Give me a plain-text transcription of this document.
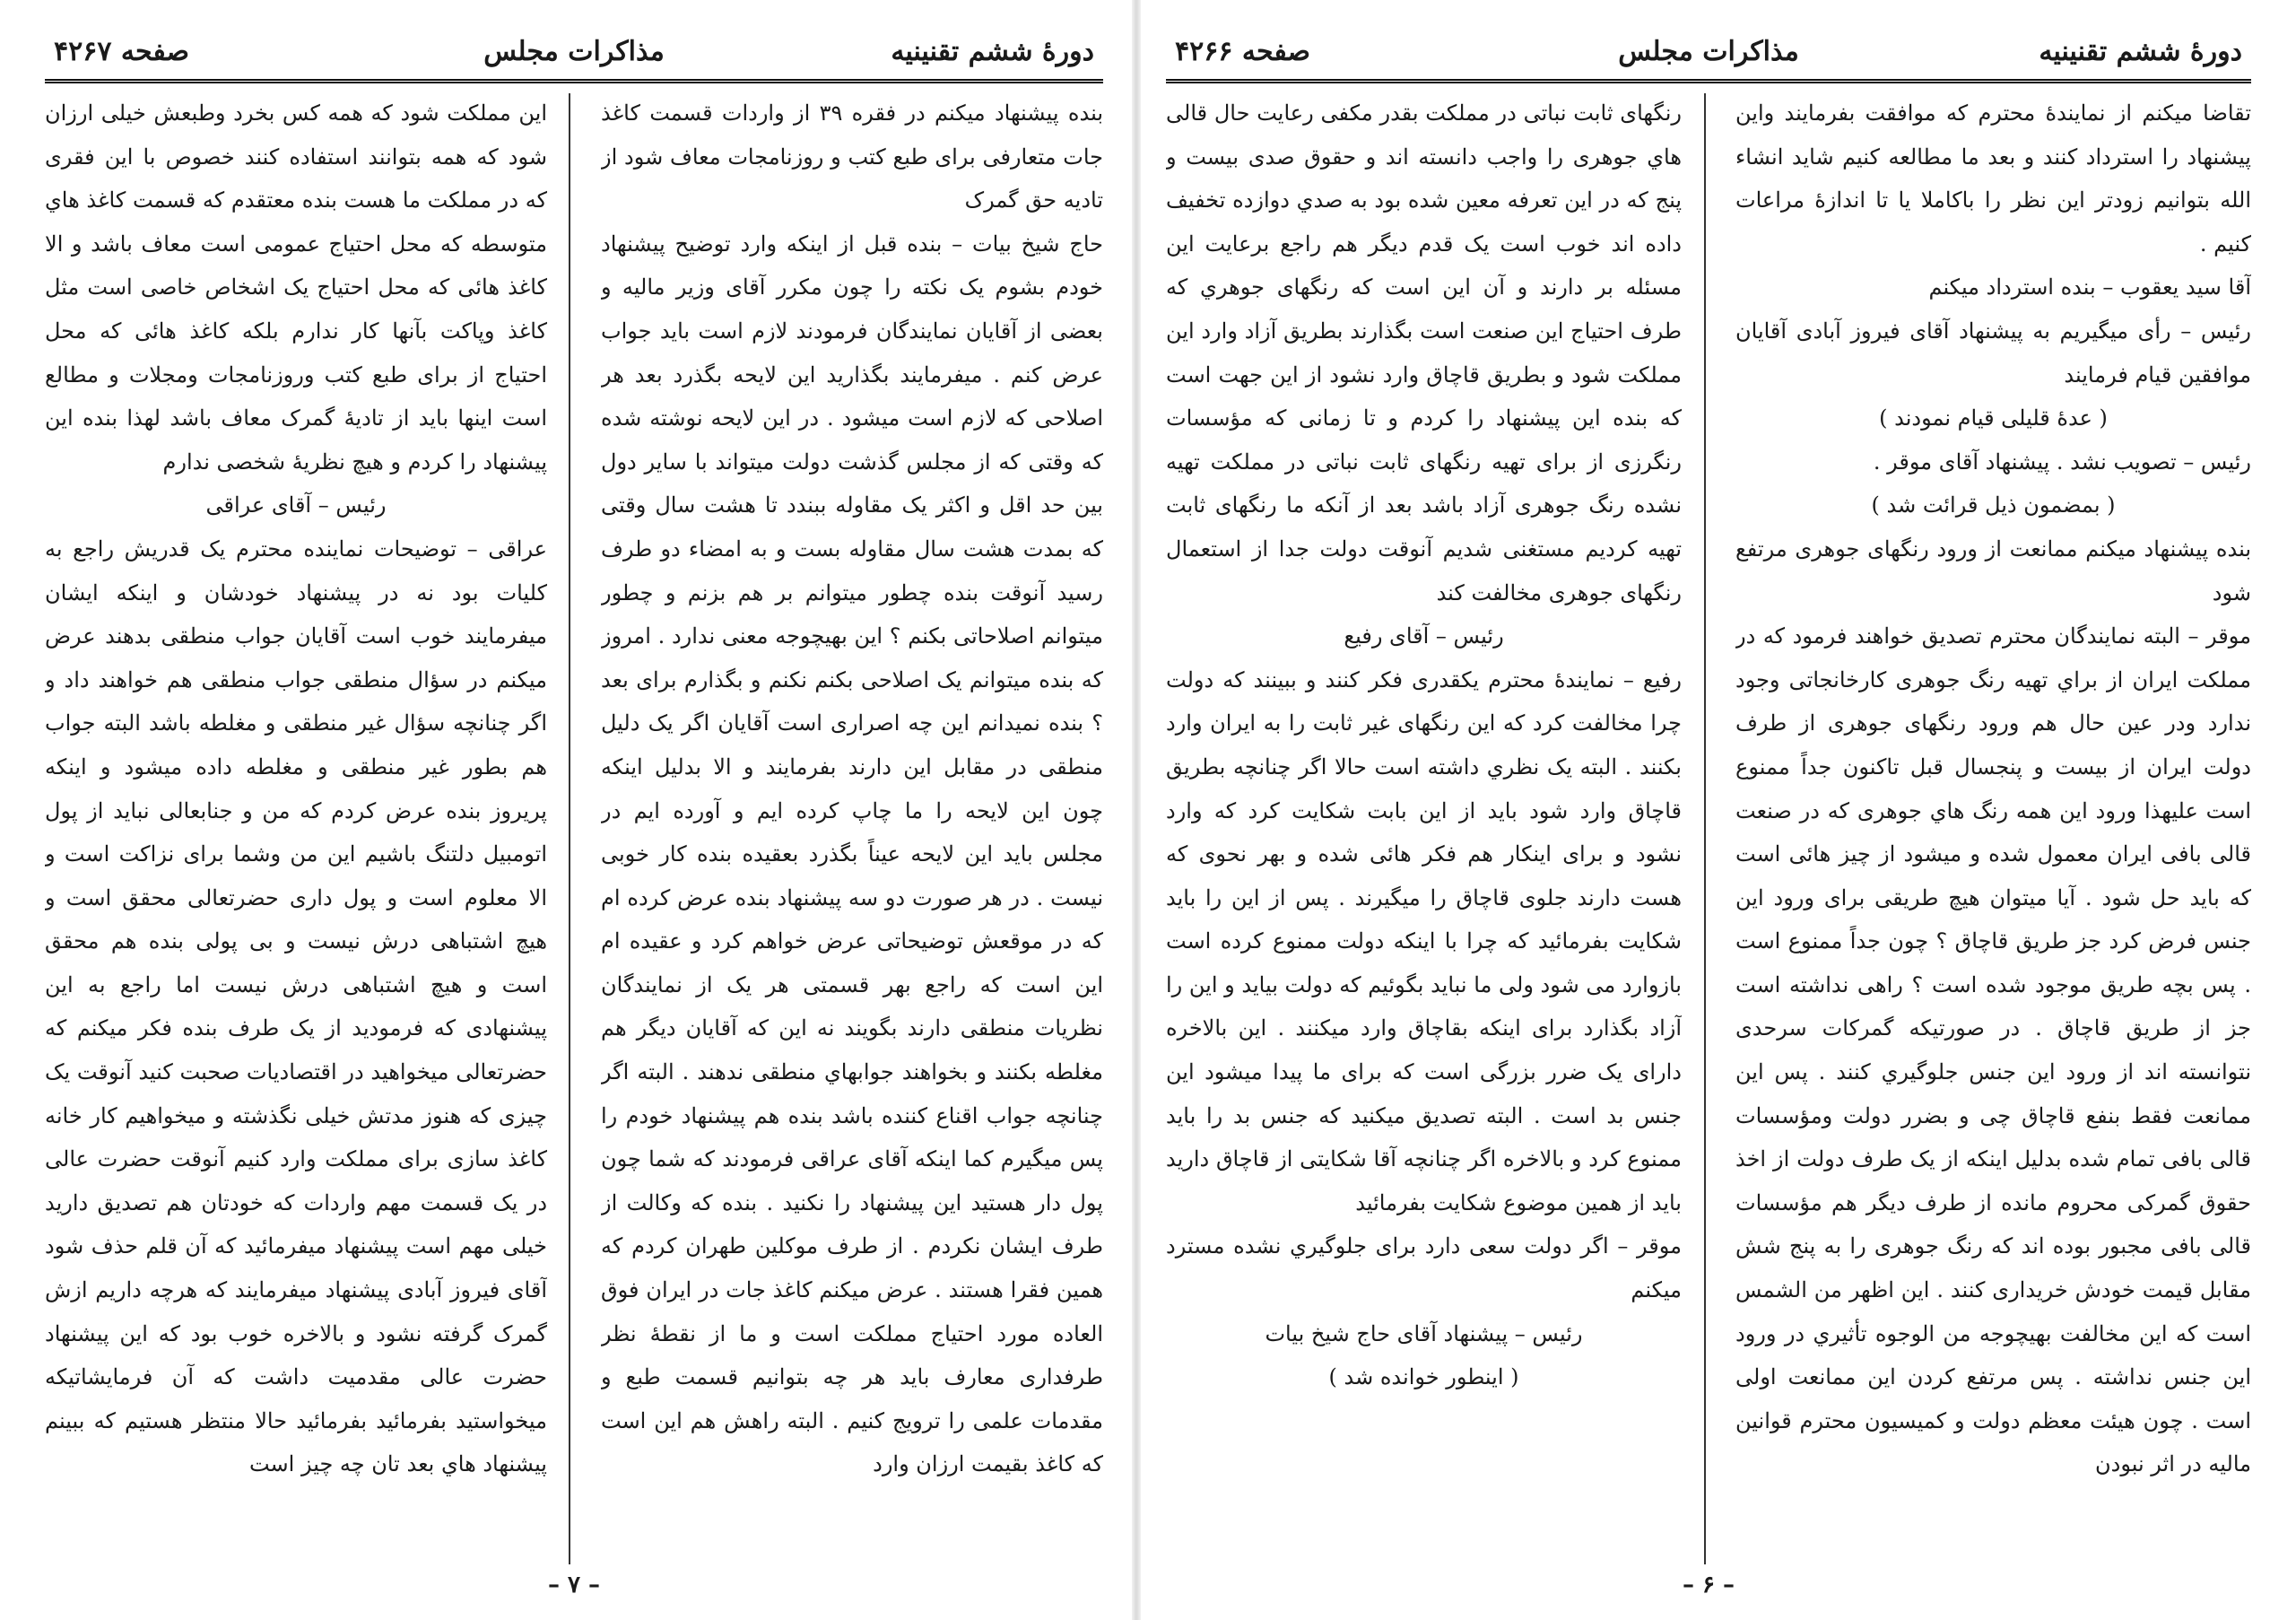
دورهٔ ششم تقنینیه
مذاکرات مجلس
صفحه ۴۲۶۷

بنده پیشنهاد میکنم در فقره ۳۹ از واردات قسمت کاغذ جات متعارفی برای طبع کتب و روزنامجات معاف شود از تادیه حق گمرک

حاج شیخ بیات – بنده قبل از اینکه وارد توضیح پیشنهاد خودم بشوم یک نکته را چون مکرر آقای وزیر مالیه و بعضی از آقایان نمایندگان فرمودند لازم است باید جواب عرض کنم . میفرمایند بگذارید این لایحه بگذرد بعد هر اصلاحی که لازم است میشود . در این لایحه نوشته شده که وقتی که از مجلس گذشت دولت میتواند با سایر دول بین حد اقل و اکثر یک مقاوله ببندد تا هشت سال وقتی که بمدت هشت سال مقاوله بست و به امضاء دو طرف رسید آنوقت بنده چطور میتوانم بر هم بزنم و چطور میتوانم اصلاحاتی بکنم ؟ این بهیچوجه معنی ندارد . امروز که بنده میتوانم یک اصلاحی بکنم نکنم و بگذارم برای بعد ؟ بنده نمیدانم این چه اصراری است آقایان اگر یک دلیل منطقی در مقابل این دارند بفرمایند و الا بدلیل اینکه چون این لایحه را ما چاپ کرده ایم و آورده ایم در مجلس باید این لایحه عیناً بگذرد بعقیده بنده کار خوبی نیست . در هر صورت دو سه پیشنهاد بنده عرض کرده ام که در موقعش توضیحاتی عرض خواهم کرد و عقیده ام این است که راجع بهر قسمتی هر یک از نمایندگان نظریات منطقی دارند بگویند نه این که آقایان دیگر هم مغلطه بکنند و بخواهند جوابهاي منطقی ندهند . البته اگر چنانچه جواب اقناع کننده باشد بنده هم پیشنهاد خودم را پس میگیرم کما اینکه آقای عراقی فرمودند که شما چون پول دار هستید این پیشنهاد را نکنید . بنده که وکالت از طرف ایشان نکردم . از طرف موکلین طهران کردم که همین فقرا هستند . عرض میکنم کاغذ جات در ایران فوق العاده مورد احتیاج مملکت است و ما از نقطهٔ نظر طرفداری معارف باید هر چه بتوانیم قسمت طبع و مقدمات علمی را ترویج کنیم . البته راهش هم این است که کاغذ بقیمت ارزان وارد

این مملکت شود که همه کس بخرد وطبعش خیلی ارزان شود که همه بتوانند استفاده کنند خصوص با این فقری که در مملکت ما هست بنده معتقدم که قسمت کاغذ هاي متوسطه که محل احتیاج عمومی است معاف باشد و الا کاغذ هائی که محل احتیاج یک اشخاص خاصی است مثل کاغذ وپاکت بآنها کار ندارم بلکه کاغذ هائی که محل احتیاج از برای طبع کتب وروزنامجات ومجلات و مطالع است اینها باید از تادیهٔ گمرک معاف باشد لهذا بنده این پیشنهاد را کردم و هیچ نظریهٔ شخصی ندارم

رئیس – آقای عراقی

عراقی – توضیحات نماینده محترم یک قدریش راجع به کلیات بود نه در پیشنهاد خودشان و اینکه ایشان میفرمایند خوب است آقایان جواب منطقی بدهند عرض میکنم در سؤال منطقی جواب منطقی هم خواهند داد و اگر چنانچه سؤال غیر منطقی و مغلطه باشد البته جواب هم بطور غیر منطقی و مغلطه داده میشود و اینکه پریروز بنده عرض کردم که من و جنابعالی نباید از پول اتومبیل دلتنگ باشیم این من وشما برای نزاکت است و الا معلوم است و پول داری حضرتعالی محقق است و هیچ اشتباهی درش نیست و بی پولی بنده هم محقق است و هیچ اشتباهی درش نیست اما راجع به این پیشنهادی که فرمودید از یک طرف بنده فکر میکنم که حضرتعالی میخواهید در اقتصادیات صحبت کنید آنوقت یک چیزی که هنوز مدتش خیلی نگذشته و میخواهیم کار خانه کاغذ سازی برای مملکت وارد کنیم آنوقت حضرت عالی در یک قسمت مهم واردات که خودتان هم تصدیق داريد خیلی مهم است پیشنهاد میفرمائید که آن قلم حذف شود آقای فیروز آبادی پیشنهاد میفرمایند که هرچه داریم ازش گمرک گرفته نشود و بالاخره خوب بود که این پیشنهاد حضرت عالی مقدمیت داشت که آن فرمایشاتیکه میخواستید بفرمائید بفرمائید حالا منتظر هستیم که ببینم پیشنهاد هاي بعد تان چه چیز است

– ۷ –
دورهٔ ششم تقنینیه
مذاکرات مجلس
صفحه ۴۲۶۶

تقاضا میکنم از نمایندهٔ محترم که موافقت بفرمایند واین پیشنهاد را استرداد کنند و بعد ما مطالعه کنیم شاید انشاء الله بتوانیم زودتر این نظر را باکاملا یا تا اندازهٔ مراعات کنیم .

آقا سید یعقوب – بنده استرداد میکنم

رئیس – رأی میگیریم به پیشنهاد آقای فیروز آبادی آقایان موافقین قیام فرمایند

( عدهٔ قلیلی قیام نمودند )

رئیس – تصویب نشد . پیشنهاد آقای موقر .

( بمضمون ذیل قرائت شد )

بنده پیشنهاد میکنم ممانعت از ورود رنگهای جوهری مرتفع شود

موقر – البته نمایندگان محترم تصدیق خواهند فرمود که در مملکت ایران از براي تهیه رنگ جوهری کارخانجاتی وجود ندارد ودر عین حال هم ورود رنگهای جوهری از طرف دولت ایران از بیست و پنجسال قبل تاکنون جداً ممنوع است علیهذا ورود این همه رنگ هاي جوهری که در صنعت قالی بافی ایران معمول شده و میشود از چیز هائی است که باید حل شود . آیا میتوان هیچ طریقی برای ورود این جنس فرض کرد جز طریق قاچاق ؟ چون جداً ممنوع است . پس بچه طریق موجود شده است ؟ راهی نداشته است جز از طریق قاچاق . در صورتیکه گمرکات سرحدی نتوانسته اند از ورود این جنس جلوگیري کنند . پس این ممانعت فقط بنفع قاچاق چی و بضرر دولت ومؤسسات قالی بافی تمام شده بدلیل اینکه از یک طرف دولت از اخذ حقوق گمرکی محروم مانده از طرف دیگر هم مؤسسات قالی بافی مجبور بوده اند که رنگ جوهری را به پنج شش مقابل قیمت خودش خریداری کنند . این اظهر من الشمس است که این مخالفت بهیچوجه من الوجوه تأثیري در ورود این جنس نداشته . پس مرتفع کردن این ممانعت اولی است . چون هیئت معظم دولت و کمیسیون محترم قوانین مالیه در اثر نبودن

رنگهای ثابت نباتی در مملکت بقدر مکفی رعایت حال قالی هاي جوهری را واجب دانسته اند و حقوق صدی بیست و پنج که در این تعرفه معین شده بود به صدي دوازده تخفیف داده اند خوب است یک قدم دیگر هم راجع برعایت این مسئله بر دارند و آن این است که رنگهای جوهري که طرف احتیاج این صنعت است بگذارند بطریق آزاد وارد این مملکت شود و بطریق قاچاق وارد نشود از این جهت است که بنده این پیشنهاد را کردم و تا زمانی که مؤسسات رنگرزی از برای تهیه رنگهای ثابت نباتی در مملکت تهیه نشده رنگ جوهری آزاد باشد بعد از آنکه ما رنگهای ثابت تهیه کردیم مستغنی شدیم آنوقت دولت جدا از استعمال رنگهای جوهری مخالفت کند

رئیس – آقای رفیع

رفیع – نمایندهٔ محترم یکقدری فکر کنند و ببینند که دولت چرا مخالفت کرد که این رنگهای غیر ثابت را به ایران وارد بکنند . البته یک نظري داشته است حالا اگر چنانچه بطریق قاچاق وارد شود باید از این بابت شکایت کرد که وارد نشود و برای اینکار هم فکر هائی شده و بهر نحوی که هست دارند جلوی قاچاق را میگیرند . پس از این را باید شکایت بفرمائید که چرا با اینکه دولت ممنوع کرده است بازوارد می شود ولی ما نباید بگوئیم که دولت بیاید و این را آزاد بگذارد برای اینکه بقاچاق وارد میکنند . این بالاخره دارای یک ضرر بزرگی است که برای ما پیدا میشود این جنس بد است . البته تصدیق میکنید که جنس بد را باید ممنوع کرد و بالاخره اگر چنانچه آقا شکایتی از قاچاق دارید باید از همین موضوع شکایت بفرمائید

موقر – اگر دولت سعی دارد برای جلوگیري نشده مسترد میکنم

رئیس – پیشنهاد آقای حاج شیخ بیات

( اینطور خوانده شد )

– ۶ –
